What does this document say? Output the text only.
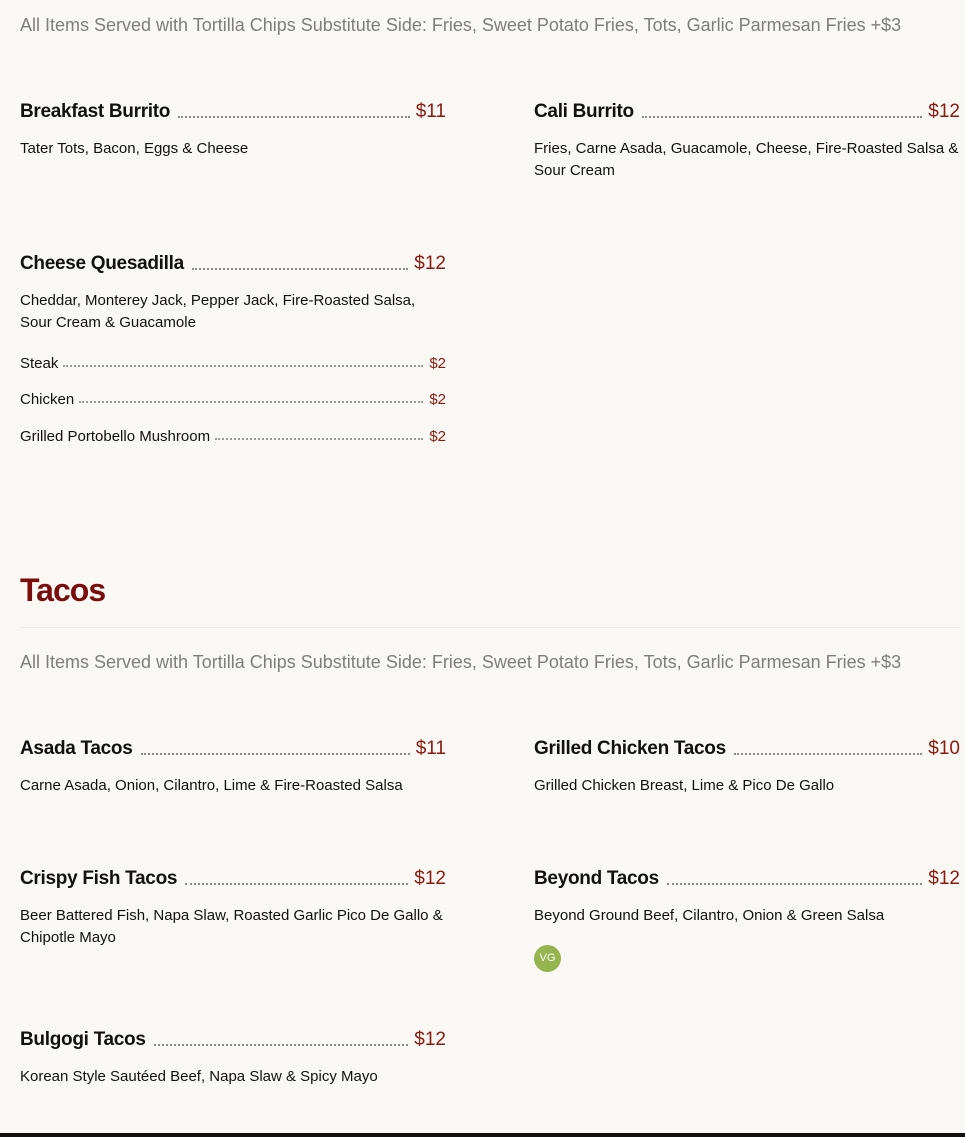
All Items Served with Tortilla Chips Substitute Side: Fries, Sweet Potato Fries, Tots, Garlic Parmesan Fries +$3
Breakfast Burrito	$11
Tater Tots, Bacon, Eggs & Cheese
Cali Burrito	$12
Fries, Carne Asada, Guacamole, Cheese, Fire-Roasted Salsa & Sour Cream
Cheese Quesadilla	$12
Cheddar, Monterey Jack, Pepper Jack, Fire-Roasted Salsa, Sour Cream & Guacamole
Steak	$2
Chicken	$2
Grilled Portobello Mushroom	$2
Tacos
All Items Served with Tortilla Chips Substitute Side: Fries, Sweet Potato Fries, Tots, Garlic Parmesan Fries +$3
Asada Tacos	$11
Carne Asada, Onion, Cilantro, Lime & Fire-Roasted Salsa
Grilled Chicken Tacos	$10
Grilled Chicken Breast, Lime & Pico De Gallo
Crispy Fish Tacos	$12
Beer Battered Fish, Napa Slaw, Roasted Garlic Pico De Gallo & Chipotle Mayo
Beyond Tacos	$12
Beyond Ground Beef, Cilantro, Onion & Green Salsa
VG
Bulgogi Tacos	$12
Korean Style Sautéed Beef, Napa Slaw & Spicy Mayo
